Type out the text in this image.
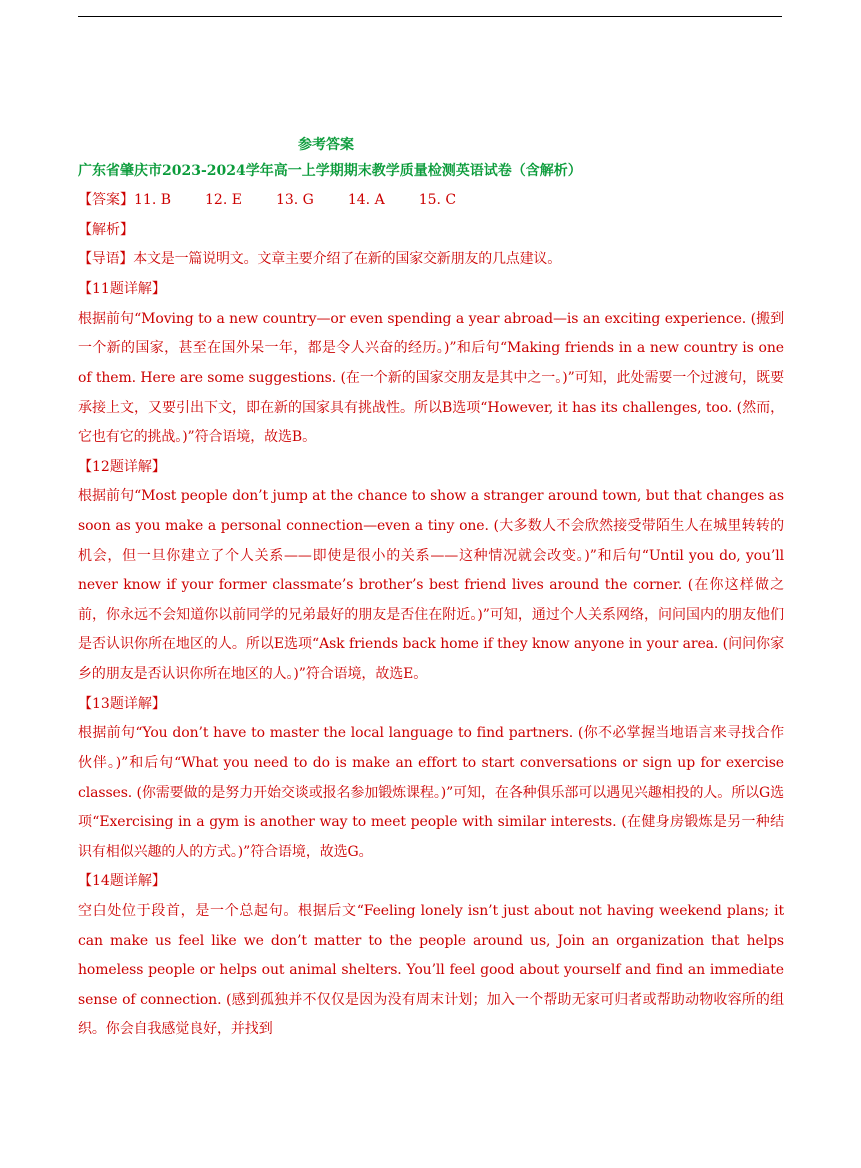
参考答案
广东省肇庆市2023-2024学年高一上学期期末教学质量检测英语试卷（含解析）
【答案】11. B 12. E 13. G 14. A 15. C
【解析】
【导语】本文是一篇说明文。文章主要介绍了在新的国家交新朋友的几点建议。
【11题详解】

根据前句“Moving to a new country—or even spending a year abroad—is an exciting experience. (搬到一个新的国家，甚至在国外呆一年，都是令人兴奋的经历。)”和后句“Making friends in a new country is one of them. Here are some suggestions. (在一个新的国家交朋友是其中之一。)”可知，此处需要一个过渡句，既要承接上文，又要引出下文，即在新的国家具有挑战性。所以B选项“However, it has its challenges, too. (然而，它也有它的挑战。)”符合语境，故选B。

【12题详解】

根据前句“Most people don’t jump at the chance to show a stranger around town, but that changes as soon as you make a personal connection—even a tiny one. (大多数人不会欣然接受带陌生人在城里转转的机会，但一旦你建立了个人关系——即使是很小的关系——这种情况就会改变。)”和后句“Until you do, you’ll never know if your former classmate’s brother’s best friend lives around the corner. (在你这样做之前，你永远不会知道你以前同学的兄弟最好的朋友是否住在附近。)”可知，通过个人关系网络，问问国内的朋友他们是否认识你所在地区的人。所以E选项“Ask friends back home if they know anyone in your area. (问问你家乡的朋友是否认识你所在地区的人。)”符合语境，故选E。

【13题详解】

根据前句“You don’t have to master the local language to find partners. (你不必掌握当地语言来寻找合作伙伴。)”和后句“What you need to do is make an effort to start conversations or sign up for exercise classes. (你需要做的是努力开始交谈或报名参加锻炼课程。)”可知，在各种俱乐部可以遇见兴趣相投的人。所以G选项“Exercising in a gym is another way to meet people with similar interests. (在健身房锻炼是另一种结识有相似兴趣的人的方式。)”符合语境，故选G。

【14题详解】

空白处位于段首，是一个总起句。根据后文“Feeling lonely isn’t just about not having weekend plans; it can make us feel like we don’t matter to the people around us, Join an organization that helps homeless people or helps out animal shelters. You’ll feel good about yourself and find an immediate sense of connection. (感到孤独并不仅仅是因为没有周末计划；加入一个帮助无家可归者或帮助动物收容所的组织。你会自我感觉良好，并找到
